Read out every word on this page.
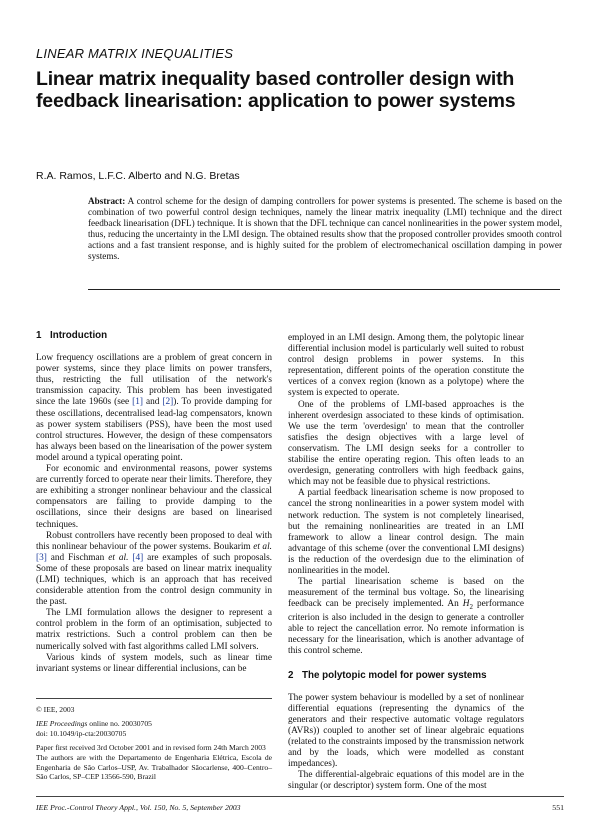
LINEAR MATRIX INEQUALITIES
Linear matrix inequality based controller design with feedback linearisation: application to power systems
R.A. Ramos, L.F.C. Alberto and N.G. Bretas
Abstract: A control scheme for the design of damping controllers for power systems is presented. The scheme is based on the combination of two powerful control design techniques, namely the linear matrix inequality (LMI) technique and the direct feedback linearisation (DFL) technique. It is shown that the DFL technique can cancel nonlinearities in the power system model, thus, reducing the uncertainty in the LMI design. The obtained results show that the proposed controller provides smooth control actions and a fast transient response, and is highly suited for the problem of electromechanical oscillation damping in power systems.
1 Introduction

Low frequency oscillations are a problem of great concern in power systems, since they place limits on power transfers, thus, restricting the full utilisation of the network's transmission capacity. This problem has been investigated since the late 1960s (see [1] and [2]). To provide damping for these oscillations, decentralised lead-lag compensators, known as power system stabilisers (PSS), have been the most used control structures. However, the design of these compensators has always been based on the linearisation of the power system model around a typical operating point.

For economic and environmental reasons, power systems are currently forced to operate near their limits. Therefore, they are exhibiting a stronger nonlinear behaviour and the classical compensators are failing to provide damping to the oscillations, since their designs are based on linearised techniques.

Robust controllers have recently been proposed to deal with this nonlinear behaviour of the power systems. Boukarim et al. [3] and Fischman et al. [4] are examples of such proposals. Some of these proposals are based on linear matrix inequality (LMI) techniques, which is an approach that has received considerable attention from the control design community in the past.

The LMI formulation allows the designer to represent a control problem in the form of an optimisation, subjected to matrix restrictions. Such a control problem can then be numerically solved with fast algorithms called LMI solvers.

Various kinds of system models, such as linear time invariant systems or linear differential inclusions, can be

employed in an LMI design. Among them, the polytopic linear differential inclusion model is particularly well suited to robust control design problems in power systems. In this representation, different points of the operation constitute the vertices of a convex region (known as a polytope) where the system is expected to operate.

One of the problems of LMI-based approaches is the inherent overdesign associated to these kinds of optimisation. We use the term 'overdesign' to mean that the controller satisfies the design objectives with a large level of conservatism. The LMI design seeks for a controller to stabilise the entire operating region. This often leads to an overdesign, generating controllers with high feedback gains, which may not be feasible due to physical restrictions.

A partial feedback linearisation scheme is now proposed to cancel the strong nonlinearities in a power system model with network reduction. The system is not completely linearised, but the remaining nonlinearities are treated in an LMI framework to allow a linear control design. The main advantage of this scheme (over the conventional LMI designs) is the reduction of the overdesign due to the elimination of nonlinearities in the model.

The partial linearisation scheme is based on the measurement of the terminal bus voltage. So, the linearising feedback can be precisely implemented. An $H_2$ performance criterion is also included in the design to generate a controller able to reject the cancellation error. No remote information is necessary for the linearisation, which is another advantage of this control scheme.

2 The polytopic model for power systems

The power system behaviour is modelled by a set of nonlinear differential equations (representing the dynamics of the generators and their respective automatic voltage regulators (AVRs)) coupled to another set of linear algebraic equations (related to the constraints imposed by the transmission network and by the loads, which were modelled as constant impedances).

The differential-algebraic equations of this model are in the singular (or descriptor) system form. One of the most

© IEE, 2003
IEE Proceedings online no. 20030705
doi: 10.1049/ip-cta:20030705
Paper first received 3rd October 2001 and in revised form 24th March 2003
The authors are with the Departamento de Engenharia Elétrica, Escola de Engenharia de São Carlos–USP, Av. Trabalhador Sãocarlense, 400–Centro–São Carlos, SP–CEP 13566-590, Brazil
IEE Proc.-Control Theory Appl., Vol. 150, No. 5, September 2003	551
